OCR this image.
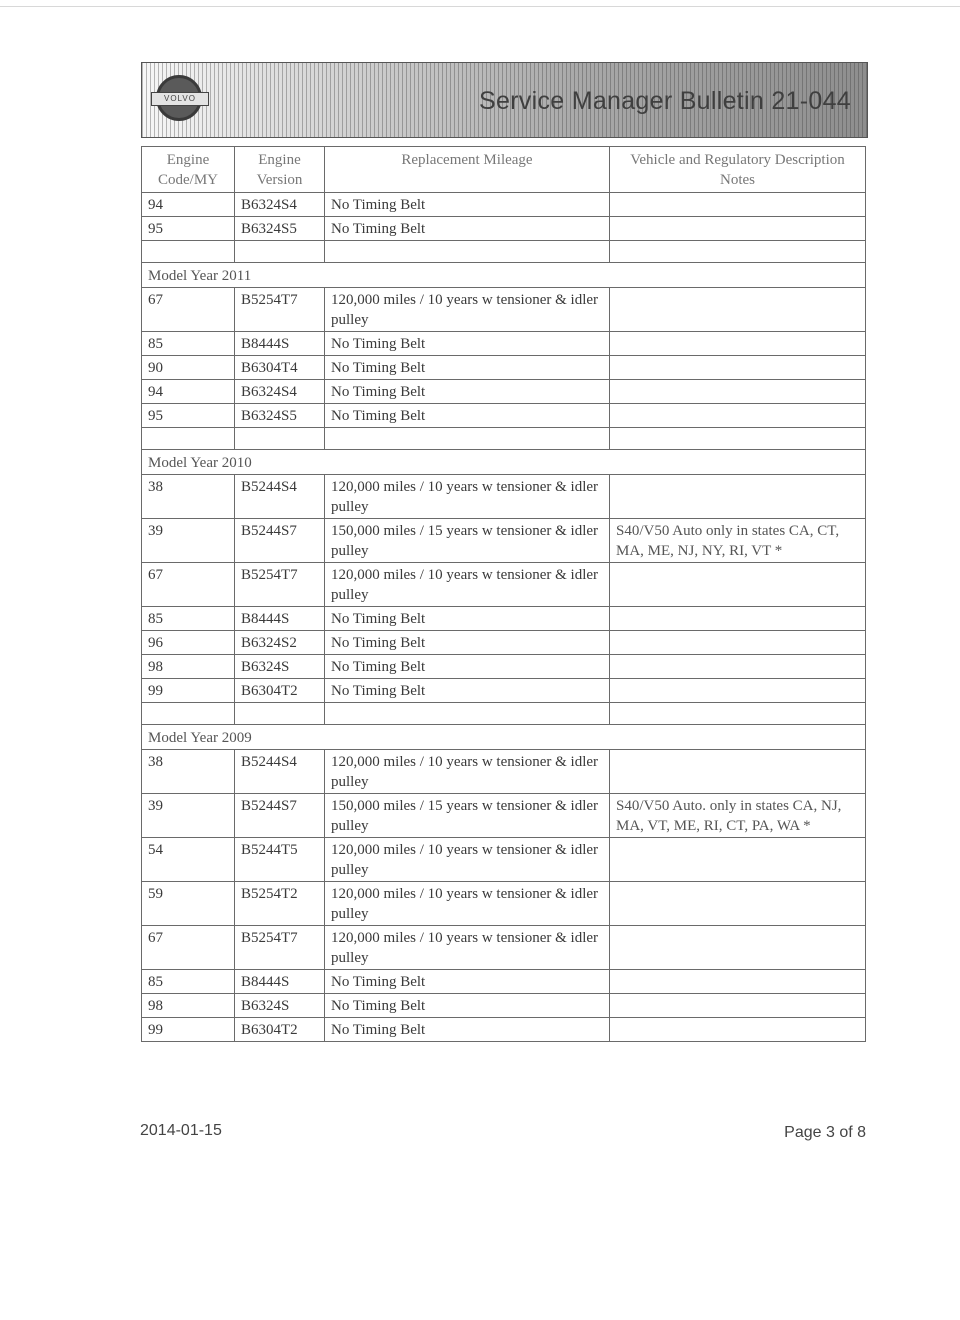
VOLVO	Service Manager Bulletin 21-044
Engine Code/MY	Engine Version	Replacement Mileage	Vehicle and Regulatory Description Notes
94	B6324S4	No Timing Belt	
95	B6324S5	No Timing Belt	

Model Year 2011			
67	B5254T7	120,000 miles / 10 years w tensioner & idler pulley	
85	B8444S	No Timing Belt	
90	B6304T4	No Timing Belt	
94	B6324S4	No Timing Belt	
95	B6324S5	No Timing Belt	

Model Year 2010			
38	B5244S4	120,000 miles / 10 years w tensioner & idler pulley	
39	B5244S7	150,000 miles / 15 years w tensioner & idler pulley	S40/V50 Auto only in states CA, CT, MA, ME, NJ, NY, RI, VT *
67	B5254T7	120,000 miles / 10 years w tensioner & idler pulley	
85	B8444S	No Timing Belt	
96	B6324S2	No Timing Belt	
98	B6324S	No Timing Belt	
99	B6304T2	No Timing Belt	

Model Year 2009			
38	B5244S4	120,000 miles / 10 years w tensioner & idler pulley	
39	B5244S7	150,000 miles / 15 years w tensioner & idler pulley	S40/V50 Auto. only in states CA, NJ, MA, VT, ME, RI, CT, PA, WA *
54	B5244T5	120,000 miles / 10 years w tensioner & idler pulley	
59	B5254T2	120,000 miles / 10 years w tensioner & idler pulley	
67	B5254T7	120,000 miles / 10 years w tensioner & idler pulley	
85	B8444S	No Timing Belt	
98	B6324S	No Timing Belt	
99	B6304T2	No Timing Belt	
2014-01-15	Page 3 of 8
